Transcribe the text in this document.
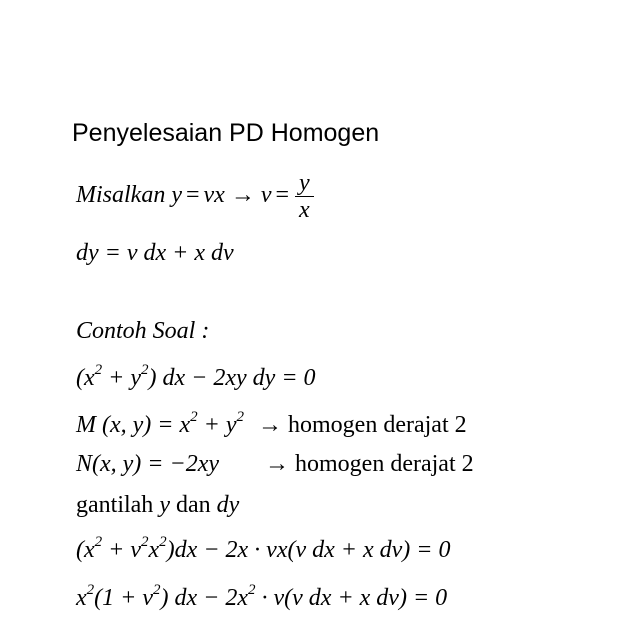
Penyelesaian PD Homogen
Misalkan y = vx → $v = \frac{y}{x}$
dy = v dx + x dv
Contoh Soal :
$(x^2 + y^2)$ dx − 2xy dy = 0
M (x, $y) = x^2 + y^2$ → homogen derajat 2
N(x, y) = −2xy → homogen derajat 2
gantilah y dan dy
$(x^2 + v^2x^2)dx - 2x \cdot vx(v$ dx + x dv) = 0
$x^2(1 + v^2)$ dx − $2x^2 \cdot v(v$ dx + x dv) = 0
